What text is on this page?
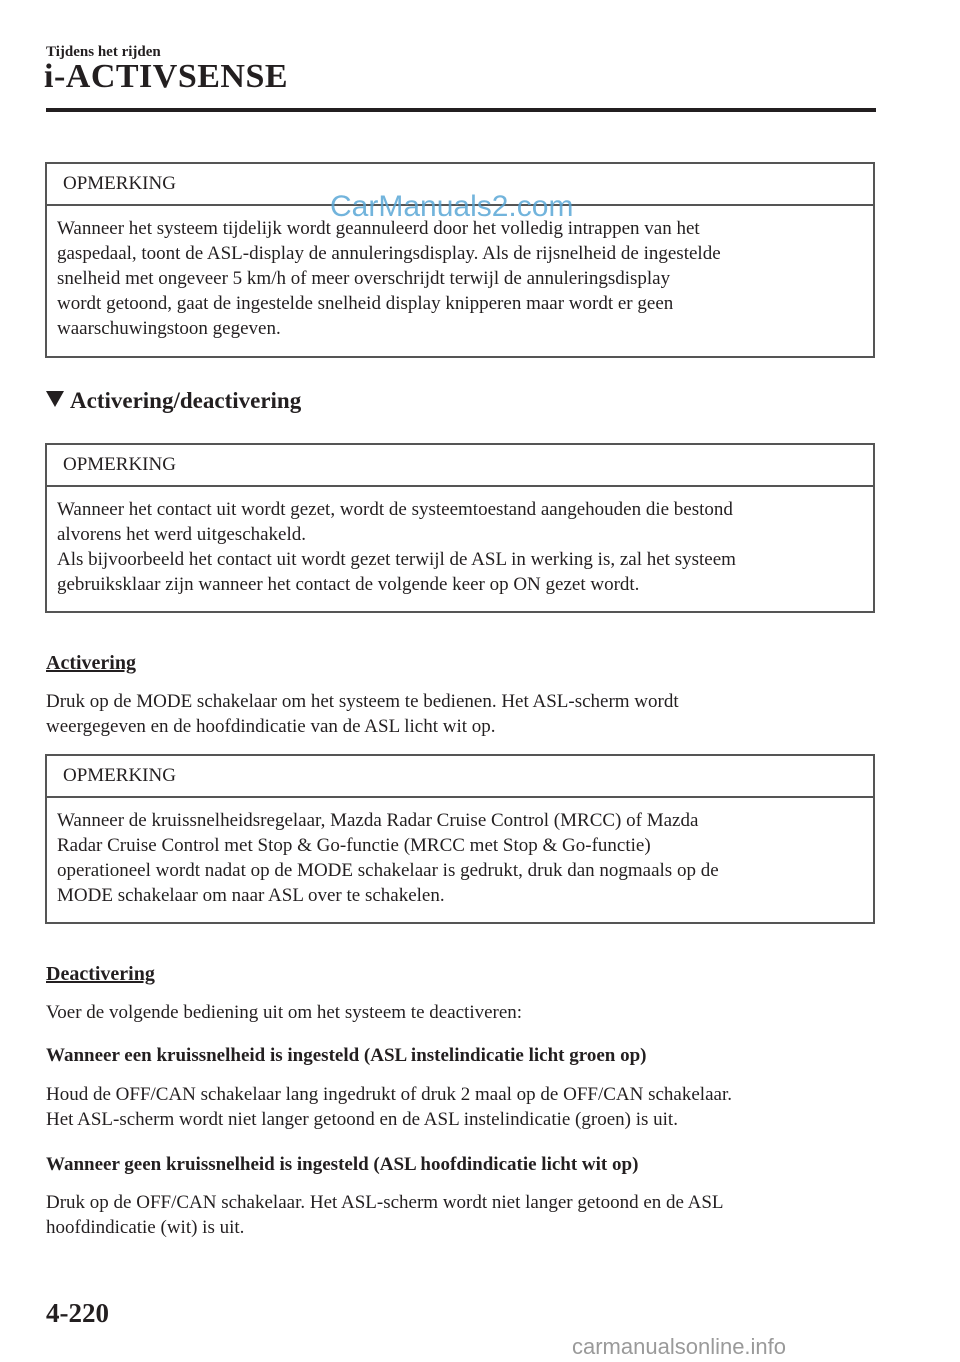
Tijdens het rijden
i-ACTIVSENSE
OPMERKING

Wanneer het systeem tijdelijk wordt geannuleerd door het volledig intrappen van het

gaspedaal, toont de ASL-display de annuleringsdisplay. Als de rijsnelheid de ingestelde

snelheid met ongeveer 5 km/h of meer overschrijdt terwijl de annuleringsdisplay

wordt getoond, gaat de ingestelde snelheid display knipperen maar wordt er geen

waarschuwingstoon gegeven.

CarManuals2.com
Activering/deactivering
OPMERKING

Wanneer het contact uit wordt gezet, wordt de systeemtoestand aangehouden die bestond

alvorens het werd uitgeschakeld.

Als bijvoorbeeld het contact uit wordt gezet terwijl de ASL in werking is, zal het systeem

gebruiksklaar zijn wanneer het contact de volgende keer op ON gezet wordt.

Activering
Druk op de MODE schakelaar om het systeem te bedienen. Het ASL-scherm wordt
weergegeven en de hoofdindicatie van de ASL licht wit op.
OPMERKING

Wanneer de kruissnelheidsregelaar, Mazda Radar Cruise Control (MRCC) of Mazda

Radar Cruise Control met Stop & Go-functie (MRCC met Stop & Go-functie)

operationeel wordt nadat op de MODE schakelaar is gedrukt, druk dan nogmaals op de

MODE schakelaar om naar ASL over te schakelen.

Deactivering
Voer de volgende bediening uit om het systeem te deactiveren:
Wanneer een kruissnelheid is ingesteld (ASL instelindicatie licht groen op)
Houd de OFF/CAN schakelaar lang ingedrukt of druk 2 maal op de OFF/CAN schakelaar.
Het ASL-scherm wordt niet langer getoond en de ASL instelindicatie (groen) is uit.
Wanneer geen kruissnelheid is ingesteld (ASL hoofdindicatie licht wit op)
Druk op de OFF/CAN schakelaar. Het ASL-scherm wordt niet langer getoond en de ASL
hoofdindicatie (wit) is uit.
4-220
carmanualsonline.info
